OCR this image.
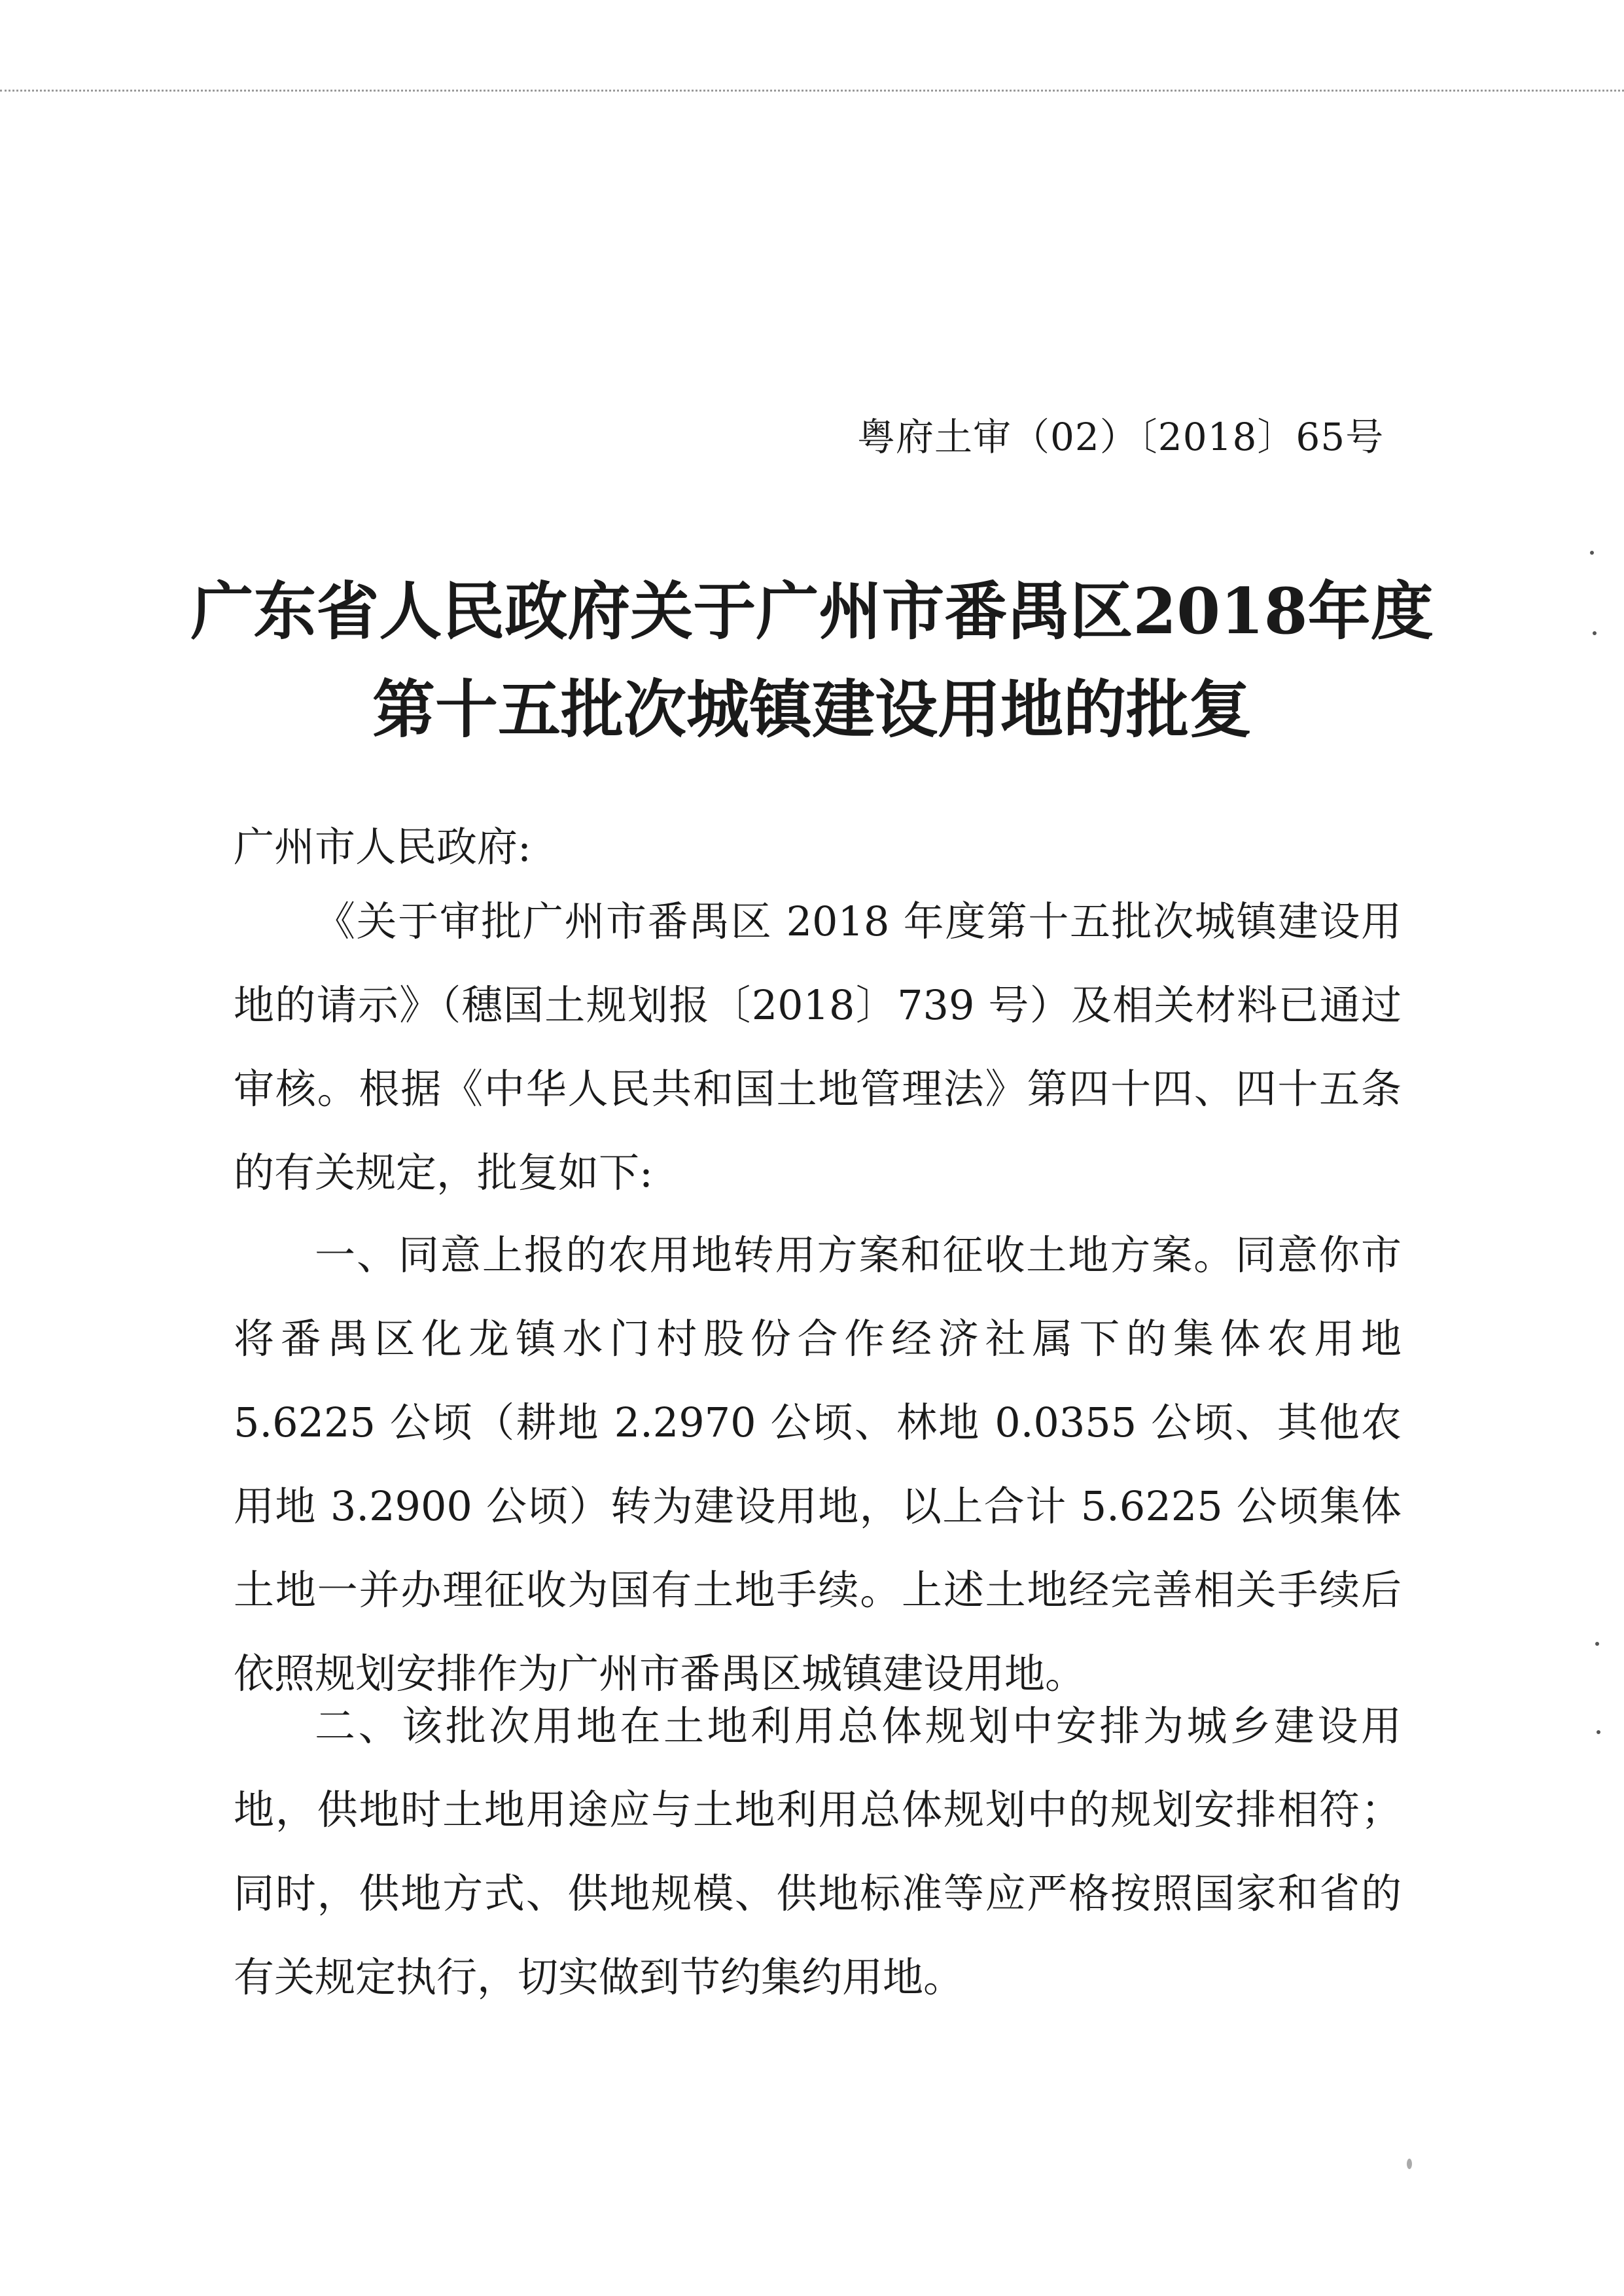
粤府土审（02）〔2018〕65号
广东省人民政府关于广州市番禺区2018年度
第十五批次城镇建设用地的批复
广州市人民政府:

《关于审批广州市番禺区 2018 年度第十五批次城镇建设用地的请示》（穗国土规划报〔2018〕739 号）及相关材料已通过审核。根据《中华人民共和国土地管理法》第四十四、四十五条的有关规定，批复如下:

一、同意上报的农用地转用方案和征收土地方案。同意你市将番禺区化龙镇水门村股份合作经济社属下的集体农用地 5.6225 公顷（耕地 2.2970 公顷、林地 0.0355 公顷、其他农用地 3.2900 公顷）转为建设用地，以上合计 5.6225 公顷集体土地一并办理征收为国有土地手续。上述土地经完善相关手续后依照规划安排作为广州市番禺区城镇建设用地。

二、该批次用地在土地利用总体规划中安排为城乡建设用地，供地时土地用途应与土地利用总体规划中的规划安排相符；同时，供地方式、供地规模、供地标准等应严格按照国家和省的有关规定执行，切实做到节约集约用地。
